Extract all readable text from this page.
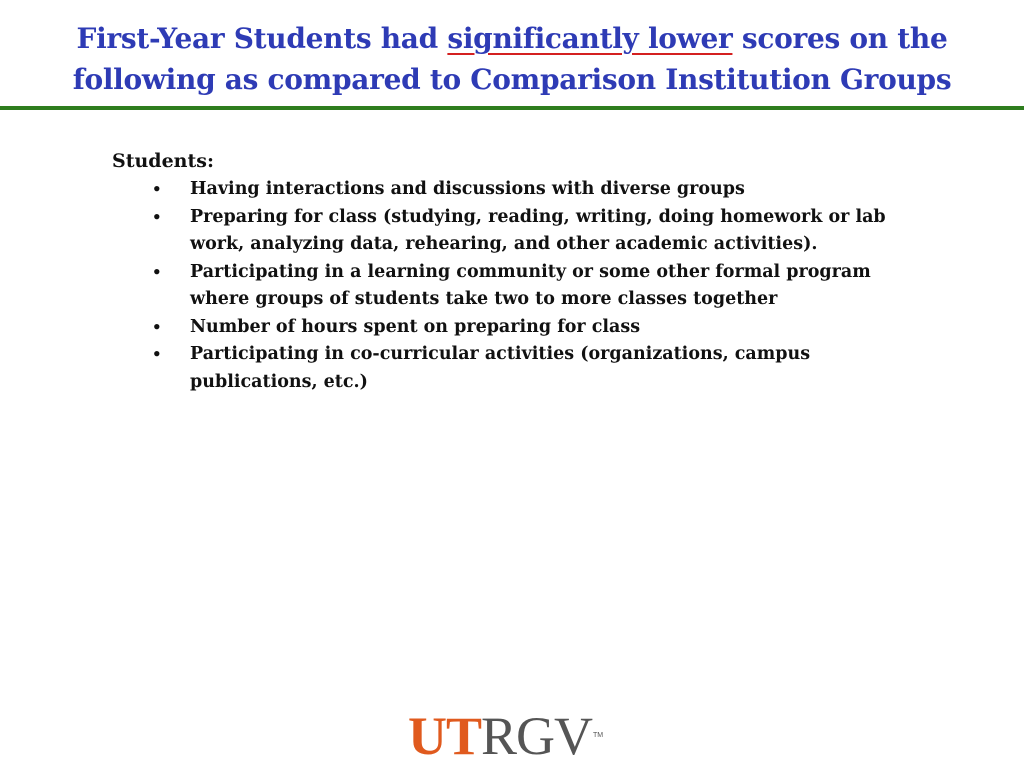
First-Year Students had significantly lower scores on the
following as compared to Comparison Institution Groups

Students:

• Having interactions and discussions with diverse groups
• Preparing for class (studying, reading, writing, doing homework or lab
work, analyzing data, rehearing, and other academic activities).
• Participating in a learning community or some other formal program
where groups of students take two to more classes together
• Number of hours spent on preparing for class
• Participating in co-curricular activities (organizations, campus
publications, etc.)
UTRGVTM
